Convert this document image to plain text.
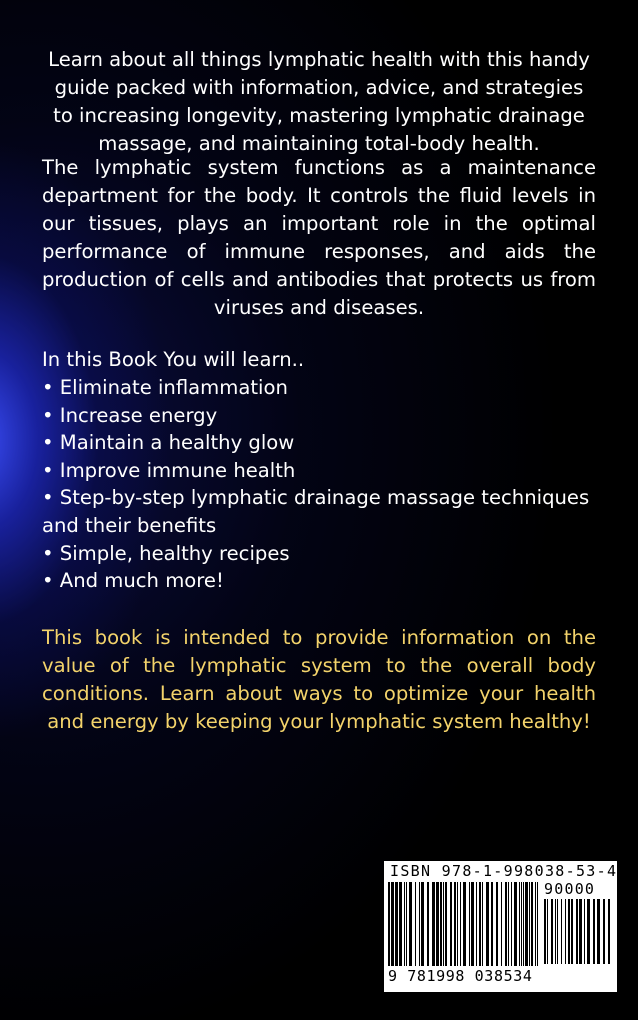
Learn about all things lymphatic health with this handy guide packed with information, advice, and strategies to increasing longevity, mastering lymphatic drainage massage, and maintaining total-body health.

The lymphatic system functions as a maintenance department for the body. It controls the fluid levels in our tissues, plays an important role in the optimal performance of immune responses, and aids the production of cells and antibodies that protects us from viruses and diseases.

In this Book You will learn..

• Eliminate inflammation
• Increase energy
• Maintain a healthy glow
• Improve immune health
• Step-by-step lymphatic drainage massage techniques and their benefits
• Simple, healthy recipes
• And much more!

This book is intended to provide information on the value of the lymphatic system to the overall body conditions. Learn about ways to optimize your health and energy by keeping your lymphatic system healthy!

ISBN 978-1-998038-53-4
90000
9 781998 038534
